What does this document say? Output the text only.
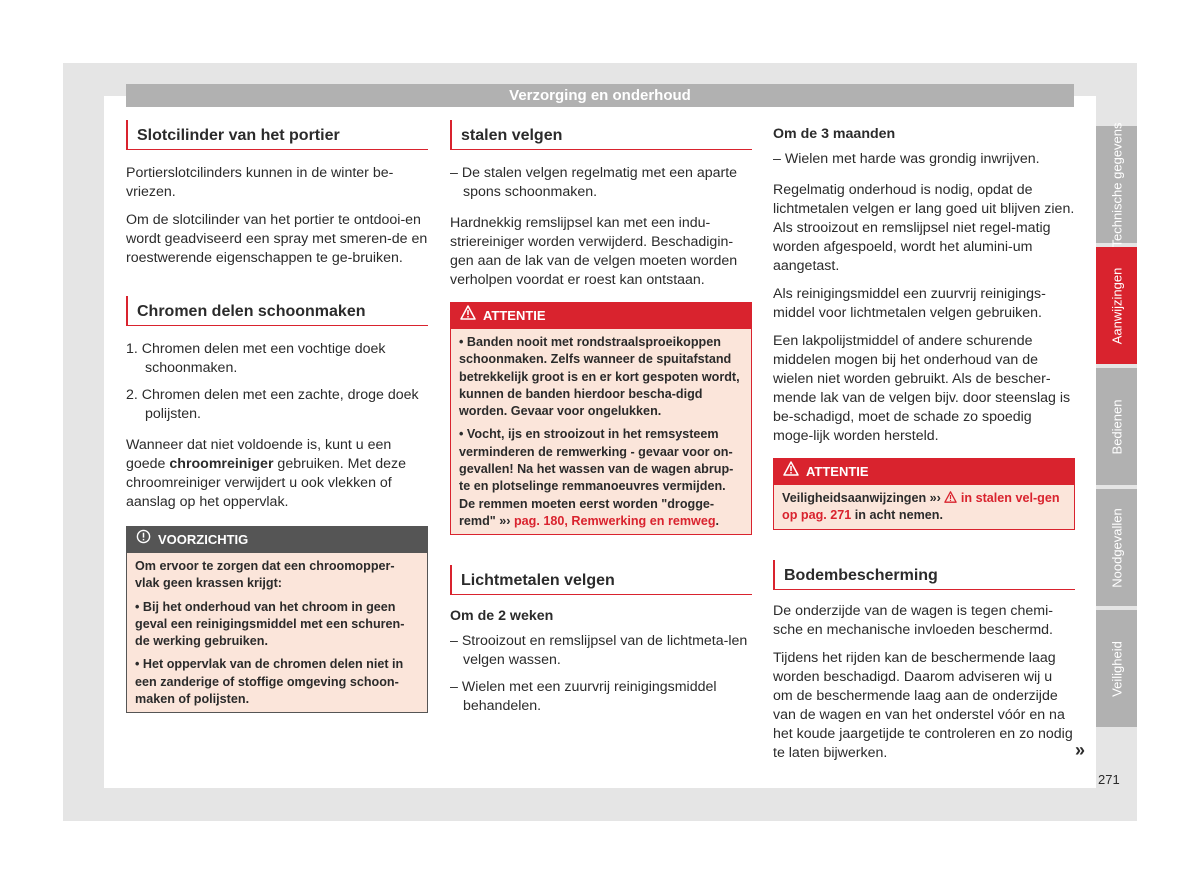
Verzorging en onderhoud
Slotcilinder van het portier

Portierslotcilinders kunnen in de winter be-vriezen.

Om de slotcilinder van het portier te ontdooi-en wordt geadviseerd een spray met smeren-de en roestwerende eigenschappen te ge-bruiken.

Chromen delen schoonmaken

1. Chromen delen met een vochtige doek schoonmaken.

2. Chromen delen met een zachte, droge doek polijsten.

Wanneer dat niet voldoende is, kunt u een goede chroomreiniger gebruiken. Met deze chroomreiniger verwijdert u ook vlekken of aanslag op het oppervlak.

VOORZICHTIG

Om ervoor te zorgen dat een chroomopper-vlak geen krassen krijgt:

• Bij het onderhoud van het chroom in geen geval een reinigingsmiddel met een schuren-de werking gebruiken.

• Het oppervlak van de chromen delen niet in een zanderige of stoffige omgeving schoon-maken of polijsten.

stalen velgen

– De stalen velgen regelmatig met een aparte spons schoonmaken.

Hardnekkig remslijpsel kan met een indu-striereiniger worden verwijderd. Beschadigin-gen aan de lak van de velgen moeten worden verholpen voordat er roest kan ontstaan.

ATTENTIE

• Banden nooit met rondstraalsproeikoppen schoonmaken. Zelfs wanneer de spuitafstand betrekkelijk groot is en er kort gespoten wordt, kunnen de banden hierdoor bescha-digd worden. Gevaar voor ongelukken.

• Vocht, ijs en strooizout in het remsysteem verminderen de remwerking - gevaar voor on-gevallen! Na het wassen van de wagen abrup-te en plotselinge remmanoeuvres vermijden. De remmen moeten eerst worden "drogge-remd" »› pag. 180, Remwerking en remweg.

Lichtmetalen velgen

Om de 2 weken

– Strooizout en remslijpsel van de lichtmeta-len velgen wassen.

– Wielen met een zuurvrij reinigingsmiddel behandelen.

Om de 3 maanden

– Wielen met harde was grondig inwrijven.

Regelmatig onderhoud is nodig, opdat de lichtmetalen velgen er lang goed uit blijven zien. Als strooizout en remslijpsel niet regel-matig worden afgespoeld, wordt het alumini-um aangetast.

Als reinigingsmiddel een zuurvrij reinigings-middel voor lichtmetalen velgen gebruiken.

Een lakpolijstmiddel of andere schurende middelen mogen bij het onderhoud van de wielen niet worden gebruikt. Als de bescher-mende lak van de velgen bijv. door steenslag is be-schadigd, moet de schade zo spoedig moge-lijk worden hersteld.

ATTENTIE

Veiligheidsaanwijzingen »›  in stalen vel-gen op pag. 271 in acht nemen.

Bodembescherming

De onderzijde van de wagen is tegen chemi-sche en mechanische invloeden beschermd.

Tijdens het rijden kan de beschermende laag worden beschadigd. Daarom adviseren wij u om de beschermende laag aan de onderzijde van de wagen en van het onderstel vóór en na het koude jaargetijde te controleren en zo nodig te laten bijwerken.

Technische gegevens
Aanwijzingen
Bedienen
Noodgevallen
Veiligheid
»
271
